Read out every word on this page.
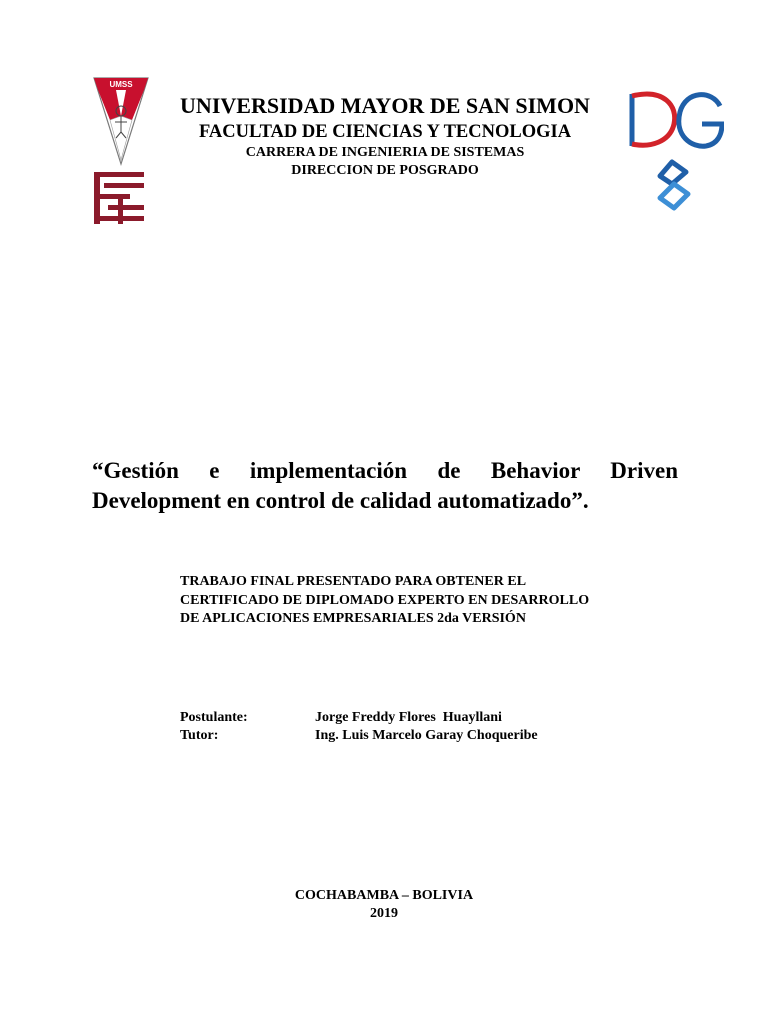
UMSS
UNIVERSIDAD MAYOR DE SAN SIMON
FACULTAD DE CIENCIAS Y TECNOLOGIA
CARRERA DE INGENIERIA DE SISTEMAS
DIRECCION DE POSGRADO
“Gestión e implementación de Behavior Driven
Development en control de calidad automatizado”.
TRABAJO FINAL PRESENTADO PARA OBTENER EL
CERTIFICADO DE DIPLOMADO EXPERTO EN DESARROLLO
DE APLICACIONES EMPRESARIALES 2da VERSIÓN
Postulante:	Jorge Freddy Flores  Huayllani
Tutor:	Ing. Luis Marcelo Garay Choqueribe
COCHABAMBA – BOLIVIA
2019
